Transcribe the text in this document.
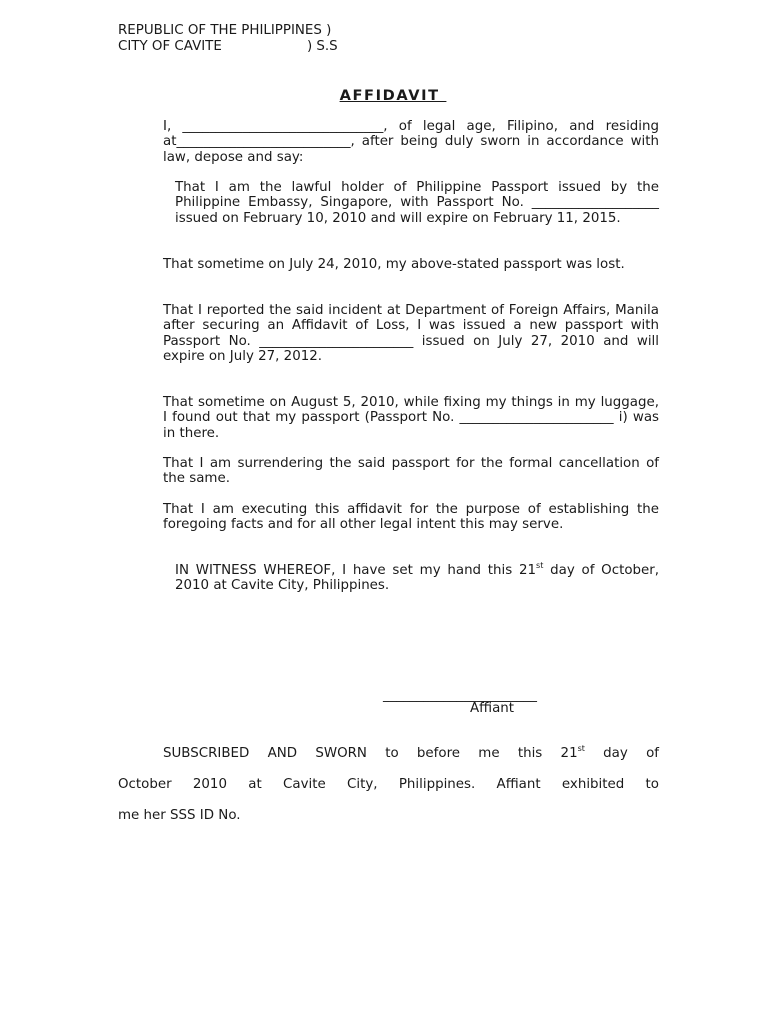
REPUBLIC OF THE PHILIPPINES )

CITY OF CAVITE                    ) S.S

AFFIDAVIT

I, ______________________________, of legal age, Filipino, and residing at__________________________, after being duly sworn in accordance with law, depose and say:

That I am the lawful holder of Philippine Passport issued by the Philippine Embassy, Singapore, with Passport No. ___________________ issued on February 10, 2010 and will expire on February 11, 2015.

That sometime on July 24, 2010, my above-stated passport was lost.

That I reported the said incident at Department of Foreign Affairs, Manila after securing an Affidavit of Loss, I was issued a new passport with Passport No. _______________________ issued on July 27, 2010 and will expire on July 27, 2012.

That sometime on August 5, 2010, while fixing my things in my luggage, I found out that my passport (Passport No. _______________________ i) was in there.

That I am surrendering the said passport for the formal cancellation of the same.

That I am executing this affidavit for the purpose of establishing the foregoing facts and for all other legal intent this may serve.

IN WITNESS WHEREOF, I have set my hand this 21st day of October, 2010 at Cavite City, Philippines.

_______________________

Affiant

SUBSCRIBED AND SWORN to before me this 21st day of

October 2010 at Cavite City, Philippines. Affiant exhibited to

me her SSS ID No.
